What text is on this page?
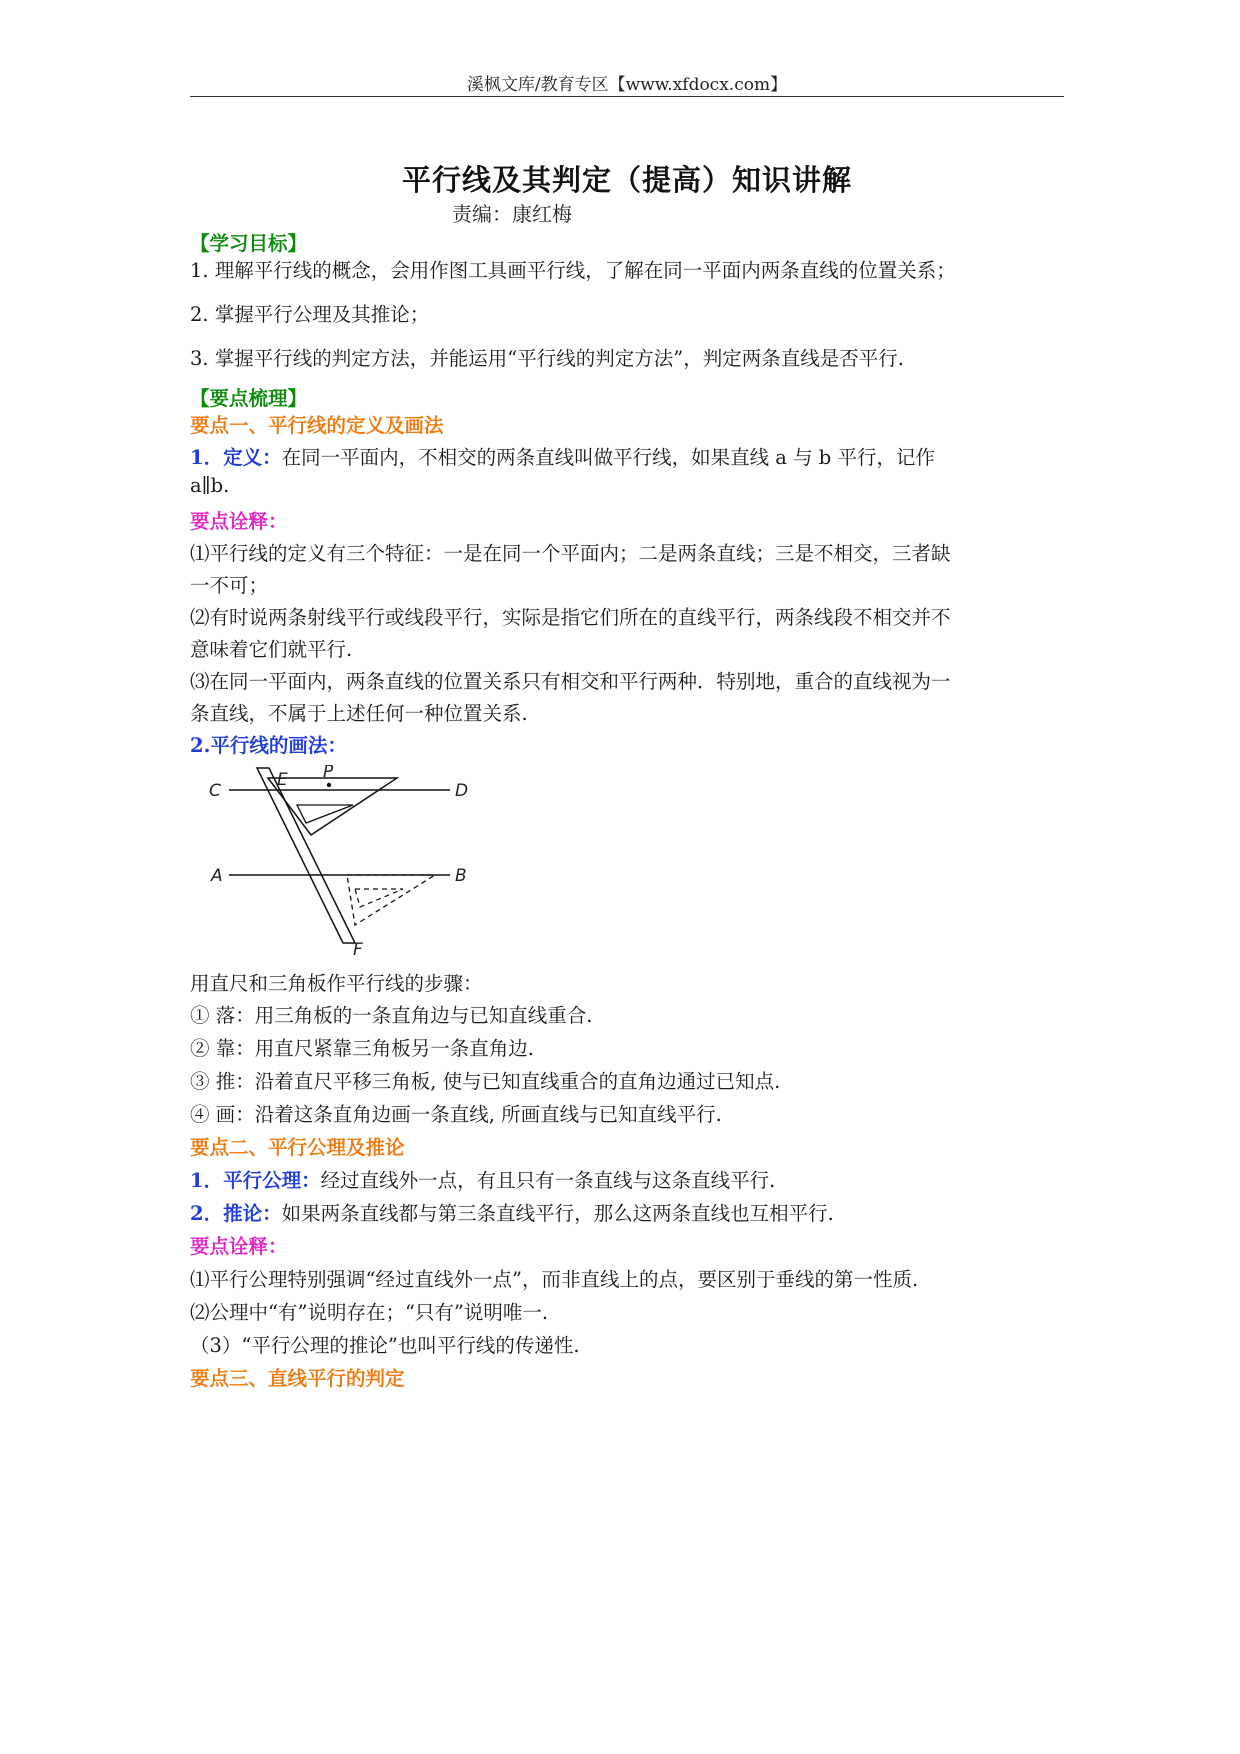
溪枫文库/教育专区【www.xfdocx.com】
平行线及其判定（提高）知识讲解
责编：康红梅
【学习目标】
1. 理解平行线的概念，会用作图工具画平行线，了解在同一平面内两条直线的位置关系；
2. 掌握平行公理及其推论；
3. 掌握平行线的判定方法，并能运用“平行线的判定方法”，判定两条直线是否平行.
【要点梳理】
要点一、平行线的定义及画法
1．定义：在同一平面内，不相交的两条直线叫做平行线，如果直线 a 与 b 平行，记作
a∥b.
要点诠释：
⑴平行线的定义有三个特征：一是在同一个平面内；二是两条直线；三是不相交，三者缺
一不可；
⑵有时说两条射线平行或线段平行，实际是指它们所在的直线平行，两条线段不相交并不
意味着它们就平行.
⑶在同一平面内，两条直线的位置关系只有相交和平行两种．特别地，重合的直线视为一
条直线，不属于上述任何一种位置关系.
2.平行线的画法：
C
E P
D
A	B
F
用直尺和三角板作平行线的步骤：
① 落：用三角板的一条直角边与已知直线重合.
② 靠：用直尺紧靠三角板另一条直角边.
③ 推：沿着直尺平移三角板, 使与已知直线重合的直角边通过已知点.
④ 画：沿着这条直角边画一条直线, 所画直线与已知直线平行.
要点二、平行公理及推论
1．平行公理：经过直线外一点，有且只有一条直线与这条直线平行.
2．推论：如果两条直线都与第三条直线平行，那么这两条直线也互相平行.
要点诠释：
⑴平行公理特别强调“经过直线外一点”，而非直线上的点，要区别于垂线的第一性质.
⑵公理中“有”说明存在；“只有”说明唯一.
（3）“平行公理的推论”也叫平行线的传递性.
要点三、直线平行的判定
